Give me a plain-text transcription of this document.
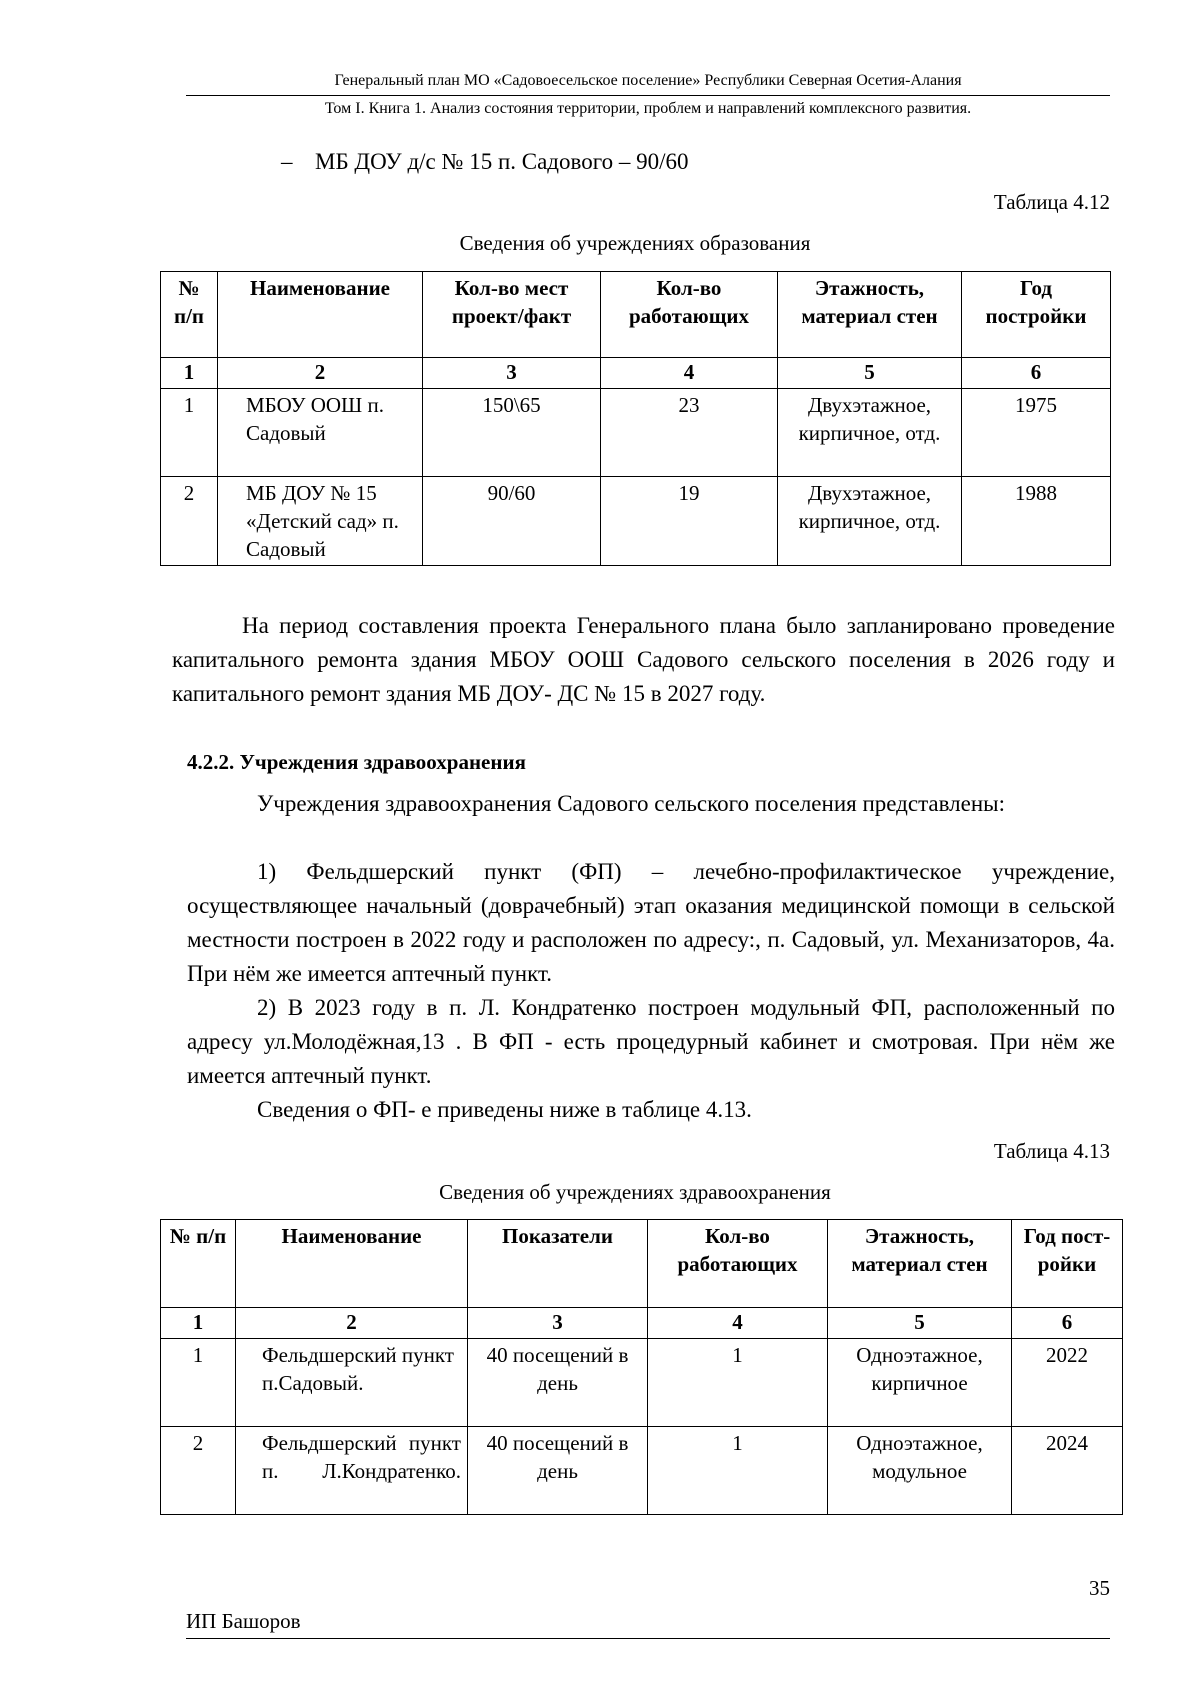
Генеральный план МО «Садовоесельское поселение» Республики Северная Осетия-Алания
Том I. Книга 1. Анализ состояния территории, проблем и направлений комплексного развития.
– МБ ДОУ д/с № 15 п. Садового – 90/60
Таблица 4.12
Сведения об учреждениях образования
№ п/п	Наименование	Кол-во мест проект/факт	Кол-во работающих	Этажность, материал стен	Год постройки
1	2	3	4	5	6
1	МБОУ ООШ п. Садовый	150\65	23	Двухэтажное, кирпичное, отд.	1975
2	МБ ДОУ № 15 «Детский сад» п. Садовый	90/60	19	Двухэтажное, кирпичное, отд.	1988
На период составления проекта Генерального плана было запланировано проведение капитального ремонта здания МБОУ ООШ Садового сельского поселения в 2026 году и капитального ремонт здания МБ ДОУ- ДС № 15 в 2027 году.
4.2.2. Учреждения здравоохранения
Учреждения здравоохранения Садового сельского поселения представлены:
1) Фельдшерский пункт (ФП) – лечебно-профилактическое учреждение, осуществляющее начальный (доврачебный) этап оказания медицинской помощи в сельской местности построен в 2022 году и расположен по адресу:, п. Садовый, ул. Механизаторов, 4а. При нём же имеется аптечный пункт.
2) В 2023 году в п. Л. Кондратенко построен модульный ФП, расположенный по адресу ул.Молодёжная,13 . В ФП - есть процедурный кабинет и смотровая. При нём же имеется аптечный пункт.
Сведения о ФП- е приведены ниже в таблице 4.13.
Таблица 4.13
Сведения об учреждениях здравоохранения
№ п/п	Наименование	Показатели	Кол-во работающих	Этажность, материал стен	Год пост-ройки
1	2	3	4	5	6
1	Фельдшерский пункт п.Садовый.	40 посещений в день	1	Одноэтажное, кирпичное	2022
2	Фельдшерский пункт п. Л.Кондратенко.	40 посещений в день	1	Одноэтажное, модульное	2024
35
ИП Башоров
